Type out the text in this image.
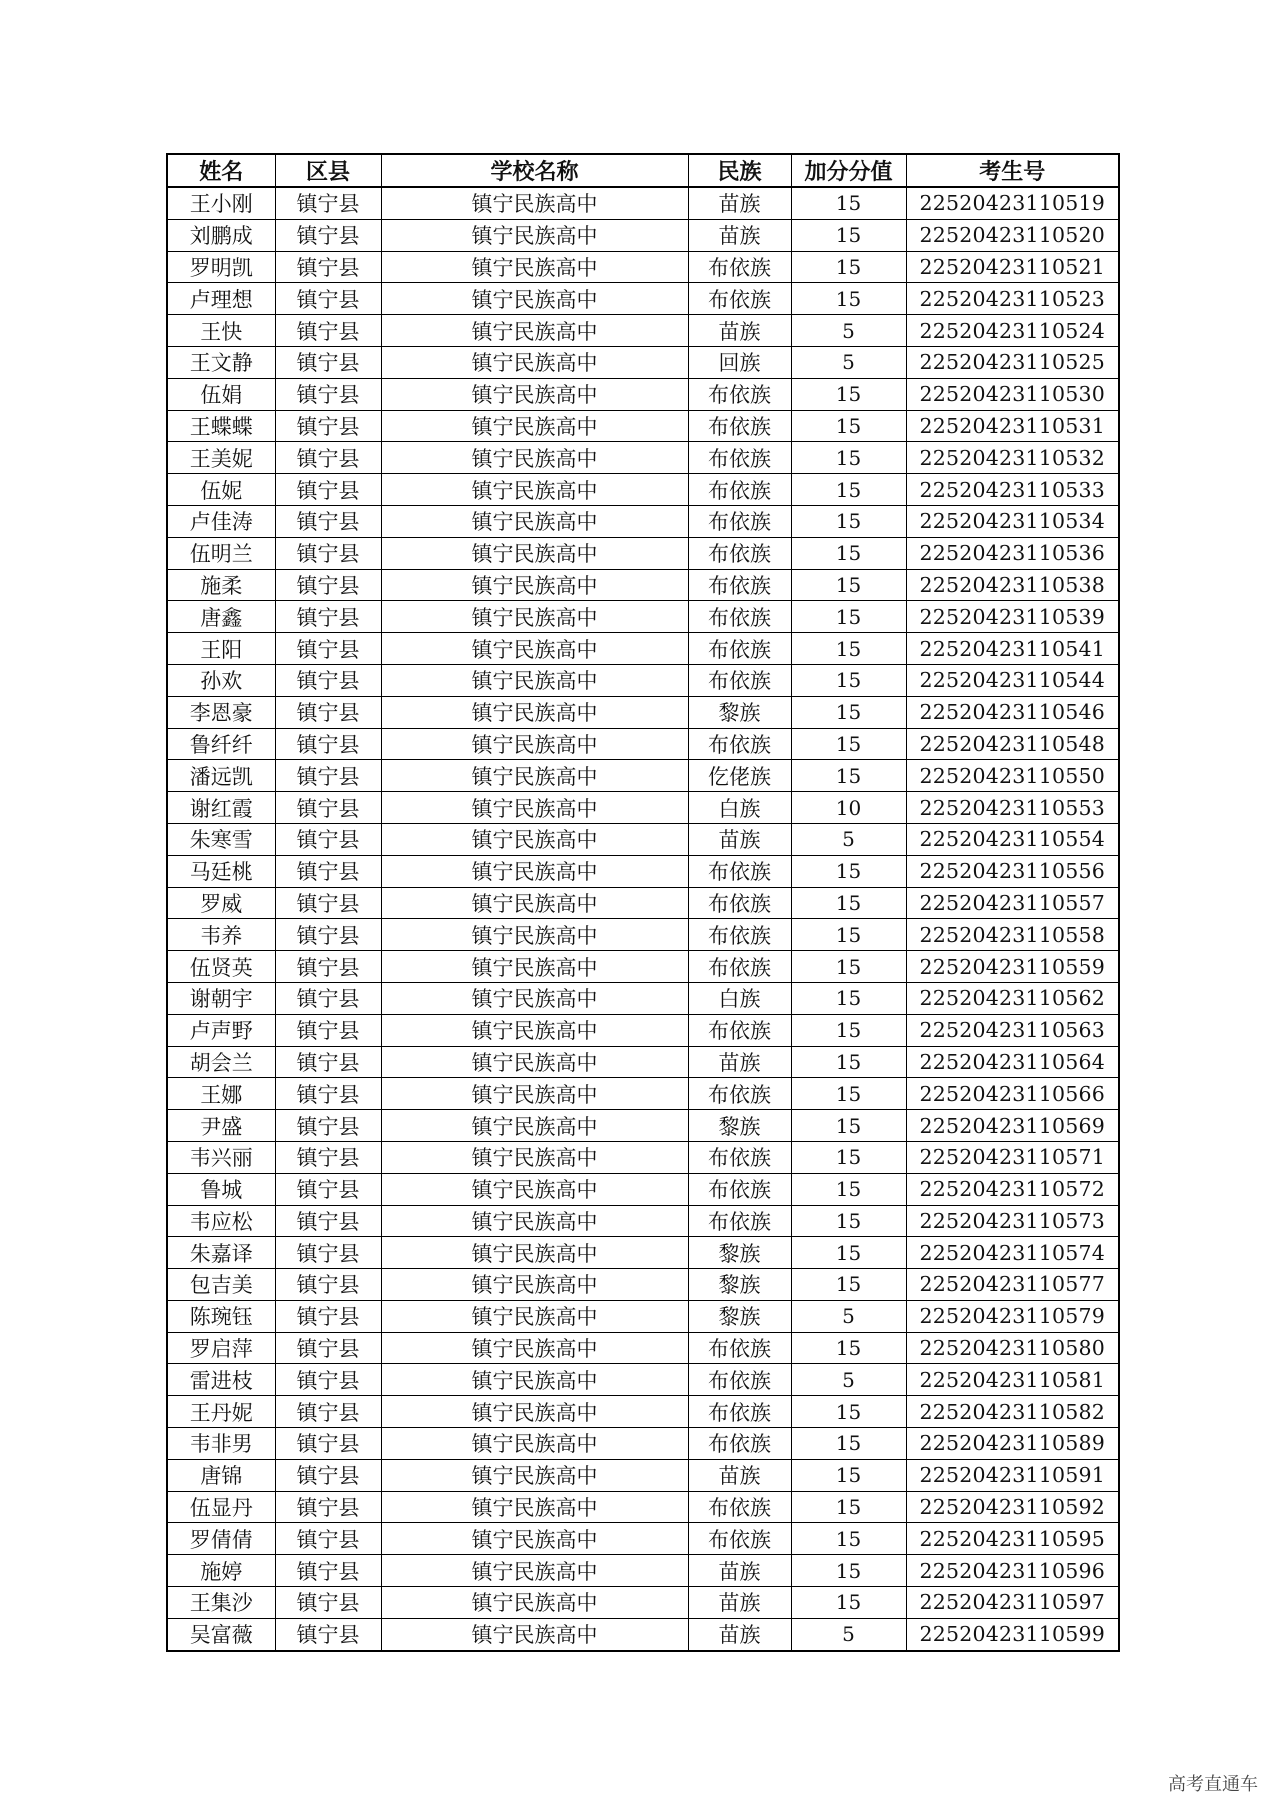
姓名	区县	学校名称	民族	加分分值	考生号
王小刚	镇宁县	镇宁民族高中	苗族	15	22520423110519
刘鹏成	镇宁县	镇宁民族高中	苗族	15	22520423110520
罗明凯	镇宁县	镇宁民族高中	布依族	15	22520423110521
卢理想	镇宁县	镇宁民族高中	布依族	15	22520423110523
王快	镇宁县	镇宁民族高中	苗族	5	22520423110524
王文静	镇宁县	镇宁民族高中	回族	5	22520423110525
伍娟	镇宁县	镇宁民族高中	布依族	15	22520423110530
王蝶蝶	镇宁县	镇宁民族高中	布依族	15	22520423110531
王美妮	镇宁县	镇宁民族高中	布依族	15	22520423110532
伍妮	镇宁县	镇宁民族高中	布依族	15	22520423110533
卢佳涛	镇宁县	镇宁民族高中	布依族	15	22520423110534
伍明兰	镇宁县	镇宁民族高中	布依族	15	22520423110536
施柔	镇宁县	镇宁民族高中	布依族	15	22520423110538
唐鑫	镇宁县	镇宁民族高中	布依族	15	22520423110539
王阳	镇宁县	镇宁民族高中	布依族	15	22520423110541
孙欢	镇宁县	镇宁民族高中	布依族	15	22520423110544
李恩豪	镇宁县	镇宁民族高中	黎族	15	22520423110546
鲁纤纤	镇宁县	镇宁民族高中	布依族	15	22520423110548
潘远凯	镇宁县	镇宁民族高中	仡佬族	15	22520423110550
谢红霞	镇宁县	镇宁民族高中	白族	10	22520423110553
朱寒雪	镇宁县	镇宁民族高中	苗族	5	22520423110554
马廷桃	镇宁县	镇宁民族高中	布依族	15	22520423110556
罗威	镇宁县	镇宁民族高中	布依族	15	22520423110557
韦养	镇宁县	镇宁民族高中	布依族	15	22520423110558
伍贤英	镇宁县	镇宁民族高中	布依族	15	22520423110559
谢朝宇	镇宁县	镇宁民族高中	白族	15	22520423110562
卢声野	镇宁县	镇宁民族高中	布依族	15	22520423110563
胡会兰	镇宁县	镇宁民族高中	苗族	15	22520423110564
王娜	镇宁县	镇宁民族高中	布依族	15	22520423110566
尹盛	镇宁县	镇宁民族高中	黎族	15	22520423110569
韦兴丽	镇宁县	镇宁民族高中	布依族	15	22520423110571
鲁城	镇宁县	镇宁民族高中	布依族	15	22520423110572
韦应松	镇宁县	镇宁民族高中	布依族	15	22520423110573
朱嘉译	镇宁县	镇宁民族高中	黎族	15	22520423110574
包吉美	镇宁县	镇宁民族高中	黎族	15	22520423110577
陈琬钰	镇宁县	镇宁民族高中	黎族	5	22520423110579
罗启萍	镇宁县	镇宁民族高中	布依族	15	22520423110580
雷进枝	镇宁县	镇宁民族高中	布依族	5	22520423110581
王丹妮	镇宁县	镇宁民族高中	布依族	15	22520423110582
韦非男	镇宁县	镇宁民族高中	布依族	15	22520423110589
唐锦	镇宁县	镇宁民族高中	苗族	15	22520423110591
伍显丹	镇宁县	镇宁民族高中	布依族	15	22520423110592
罗倩倩	镇宁县	镇宁民族高中	布依族	15	22520423110595
施婷	镇宁县	镇宁民族高中	苗族	15	22520423110596
王集沙	镇宁县	镇宁民族高中	苗族	15	22520423110597
吴富薇	镇宁县	镇宁民族高中	苗族	5	22520423110599
高考直通车
